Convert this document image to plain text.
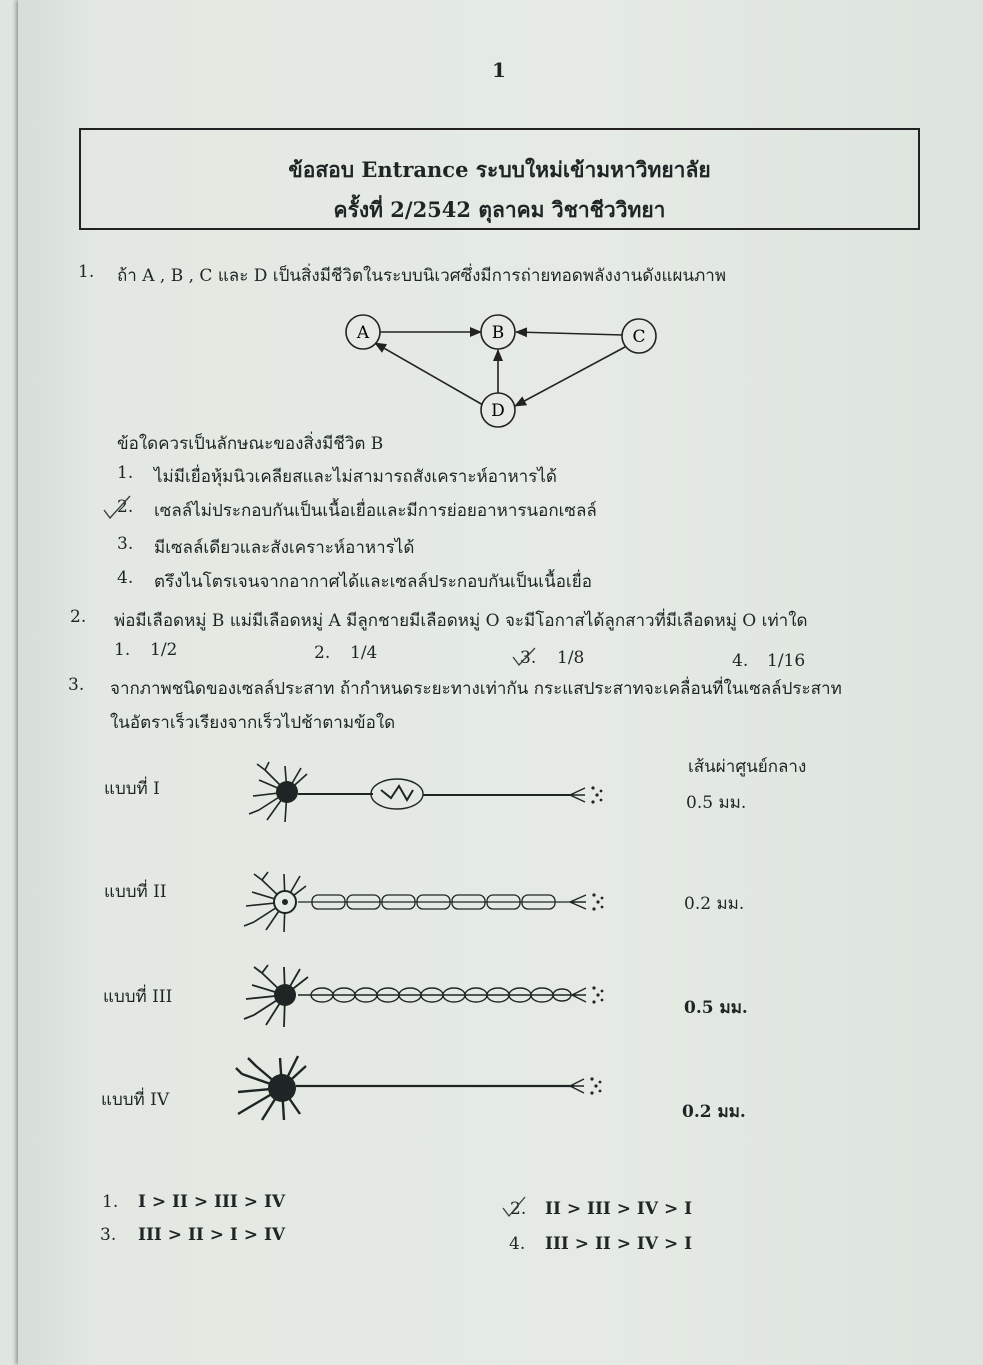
1
ข้อสอบ Entrance ระบบใหม่เข้ามหาวิทยาลัย
ครั้งที่ 2/2542 ตุลาคม วิชาชีววิทยา
1. ถ้า A , B , C และ D เป็นสิ่งมีชีวิตในระบบนิเวศซึ่งมีการถ่ายทอดพลังงานดังแผนภาพ
A	B	C
D
ข้อใดควรเป็นลักษณะของสิ่งมีชีวิต B
1. ไม่มีเยื่อหุ้มนิวเคลียสและไม่สามารถสังเคราะห์อาหารได้
2. เซลล์ไม่ประกอบกันเป็นเนื้อเยื่อและมีการย่อยอาหารนอกเซลล์
3. มีเซลล์เดียวและสังเคราะห์อาหารได้
4. ตรึงไนโตรเจนจากอากาศได้และเซลล์ประกอบกันเป็นเนื้อเยื่อ
2. พ่อมีเลือดหมู่ B แม่มีเลือดหมู่ A มีลูกชายมีเลือดหมู่ O จะมีโอกาสได้ลูกสาวที่มีเลือดหมู่ O เท่าใด
1. 1/2	2. 1/4	3. 1/8	4. 1/16
3. จากภาพชนิดของเซลล์ประสาท ถ้ากำหนดระยะทางเท่ากัน กระแสประสาทจะเคลื่อนที่ในเซลล์ประสาท
ในอัตราเร็วเรียงจากเร็วไปช้าตามข้อใด
เส้นผ่าศูนย์กลาง
แบบที่ I
0.5 มม.
แบบที่ II
0.2 มม.
แบบที่ III
0.5 มม.
แบบที่ IV
0.2 มม.
1. I > II > III > IV	2. II > III > IV > I
3. III > II > I > IV	4. III > II > IV > I
